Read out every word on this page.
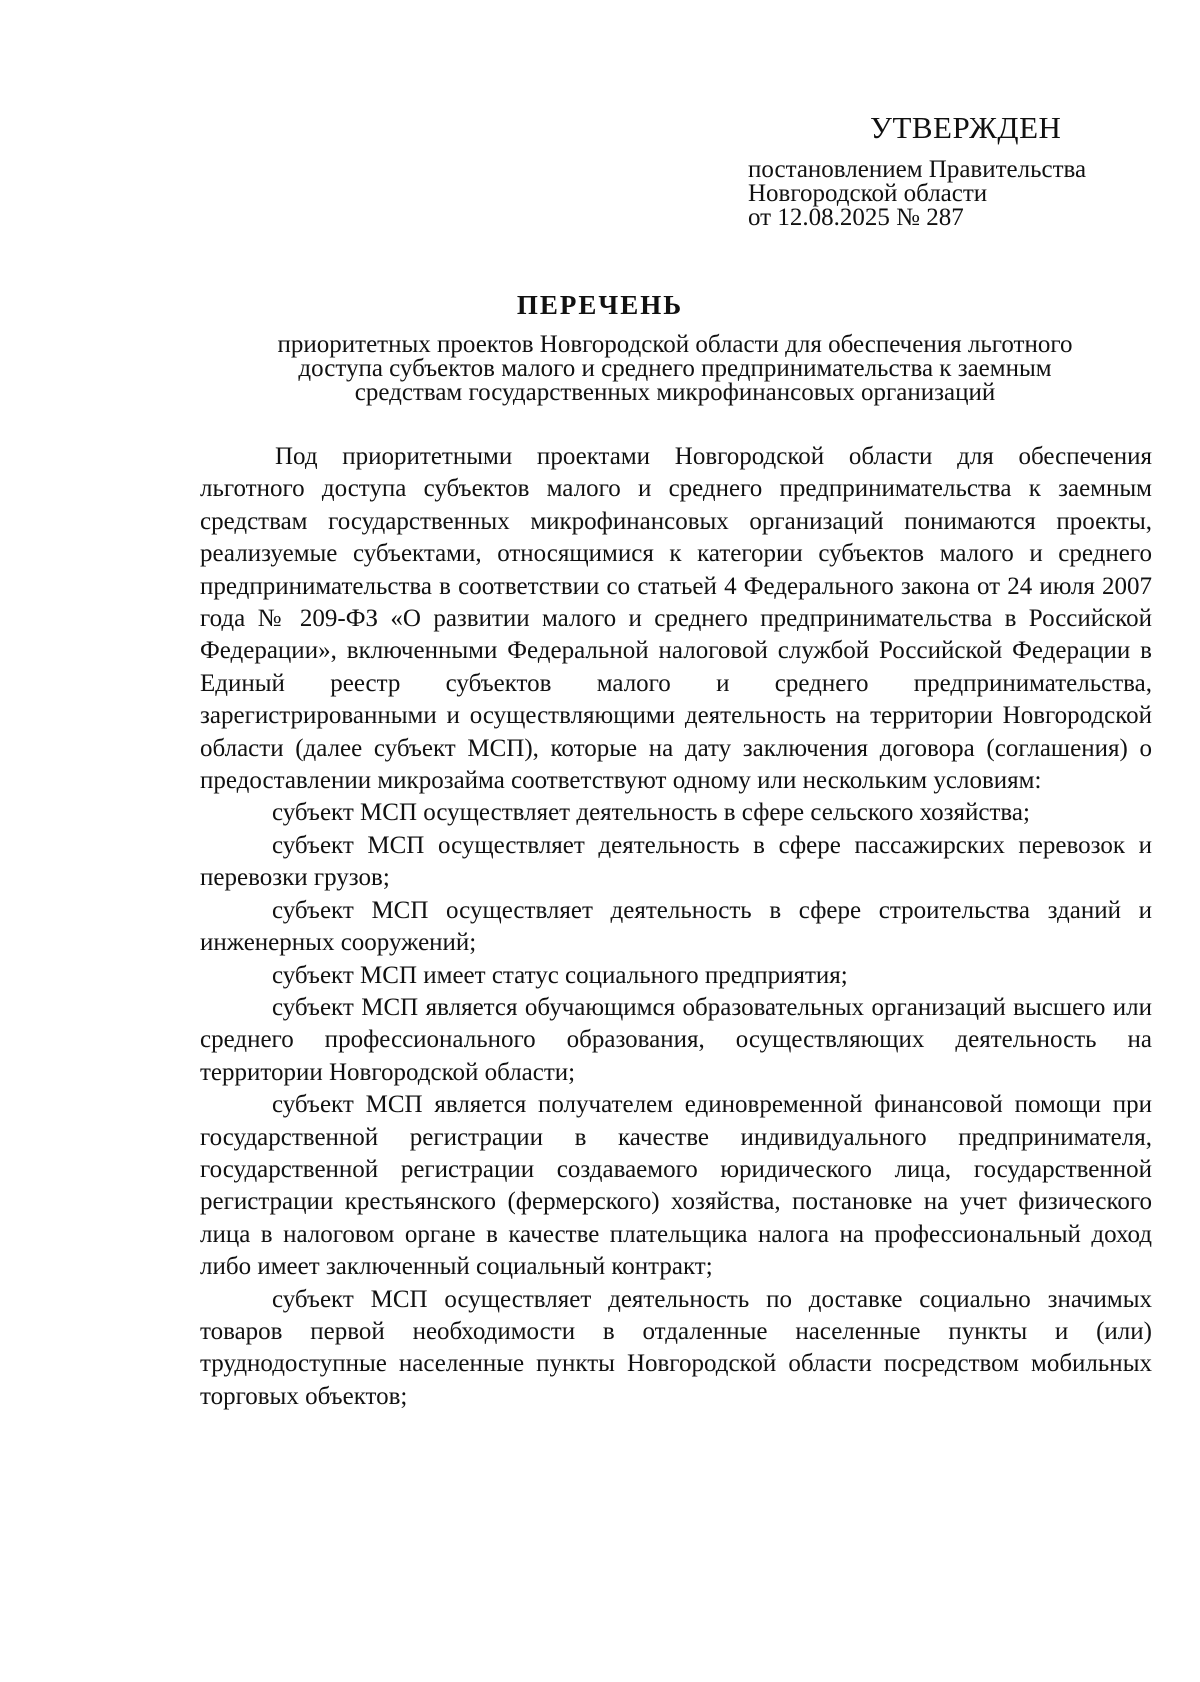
УТВЕРЖДЕН
постановлением Правительства
Новгородской области
от 12.08.2025 № 287
ПЕРЕЧЕНЬ
приоритетных проектов Новгородской области для обеспечения льготного
доступа субъектов малого и среднего предпринимательства к заемным
средствам государственных микрофинансовых организаций

Под приоритетными проектами Новгородской области для обеспечения льготного доступа субъектов малого и среднего предпринимательства к заемным средствам государственных микрофинансовых организаций понимаются проекты, реализуемые субъектами, относящимися к категории субъектов малого и среднего предпринимательства в соответствии со статьей 4 Федерального закона от 24 июля 2007 года № 209-ФЗ «О развитии малого и среднего предпринимательства в Российской Федерации», включенными Федеральной налоговой службой Российской Федерации в Единый реестр субъектов малого и среднего предпринимательства, зарегистрированными и осуществляющими деятельность на территории Новгородской области (далее субъект МСП), которые на дату заключения договора (соглашения) о предоставлении микрозайма соответствуют одному или нескольким условиям:

субъект МСП осуществляет деятельность в сфере сельского хозяйства;

субъект МСП осуществляет деятельность в сфере пассажирских перевозок и перевозки грузов;

субъект МСП осуществляет деятельность в сфере строительства зданий и инженерных сооружений;

субъект МСП имеет статус социального предприятия;

субъект МСП является обучающимся образовательных организаций высшего или среднего профессионального образования, осуществляющих деятельность на территории Новгородской области;

субъект МСП является получателем единовременной финансовой помощи при государственной регистрации в качестве индивидуального предпринимателя, государственной регистрации создаваемого юридического лица, государственной регистрации крестьянского (фермерского) хозяйства, постановке на учет физического лица в налоговом органе в качестве плательщика налога на профессиональный доход либо имеет заключенный социальный контракт;

субъект МСП осуществляет деятельность по доставке социально значимых товаров первой необходимости в отдаленные населенные пункты и (или) труднодоступные населенные пункты Новгородской области посредством мобильных торговых объектов;
